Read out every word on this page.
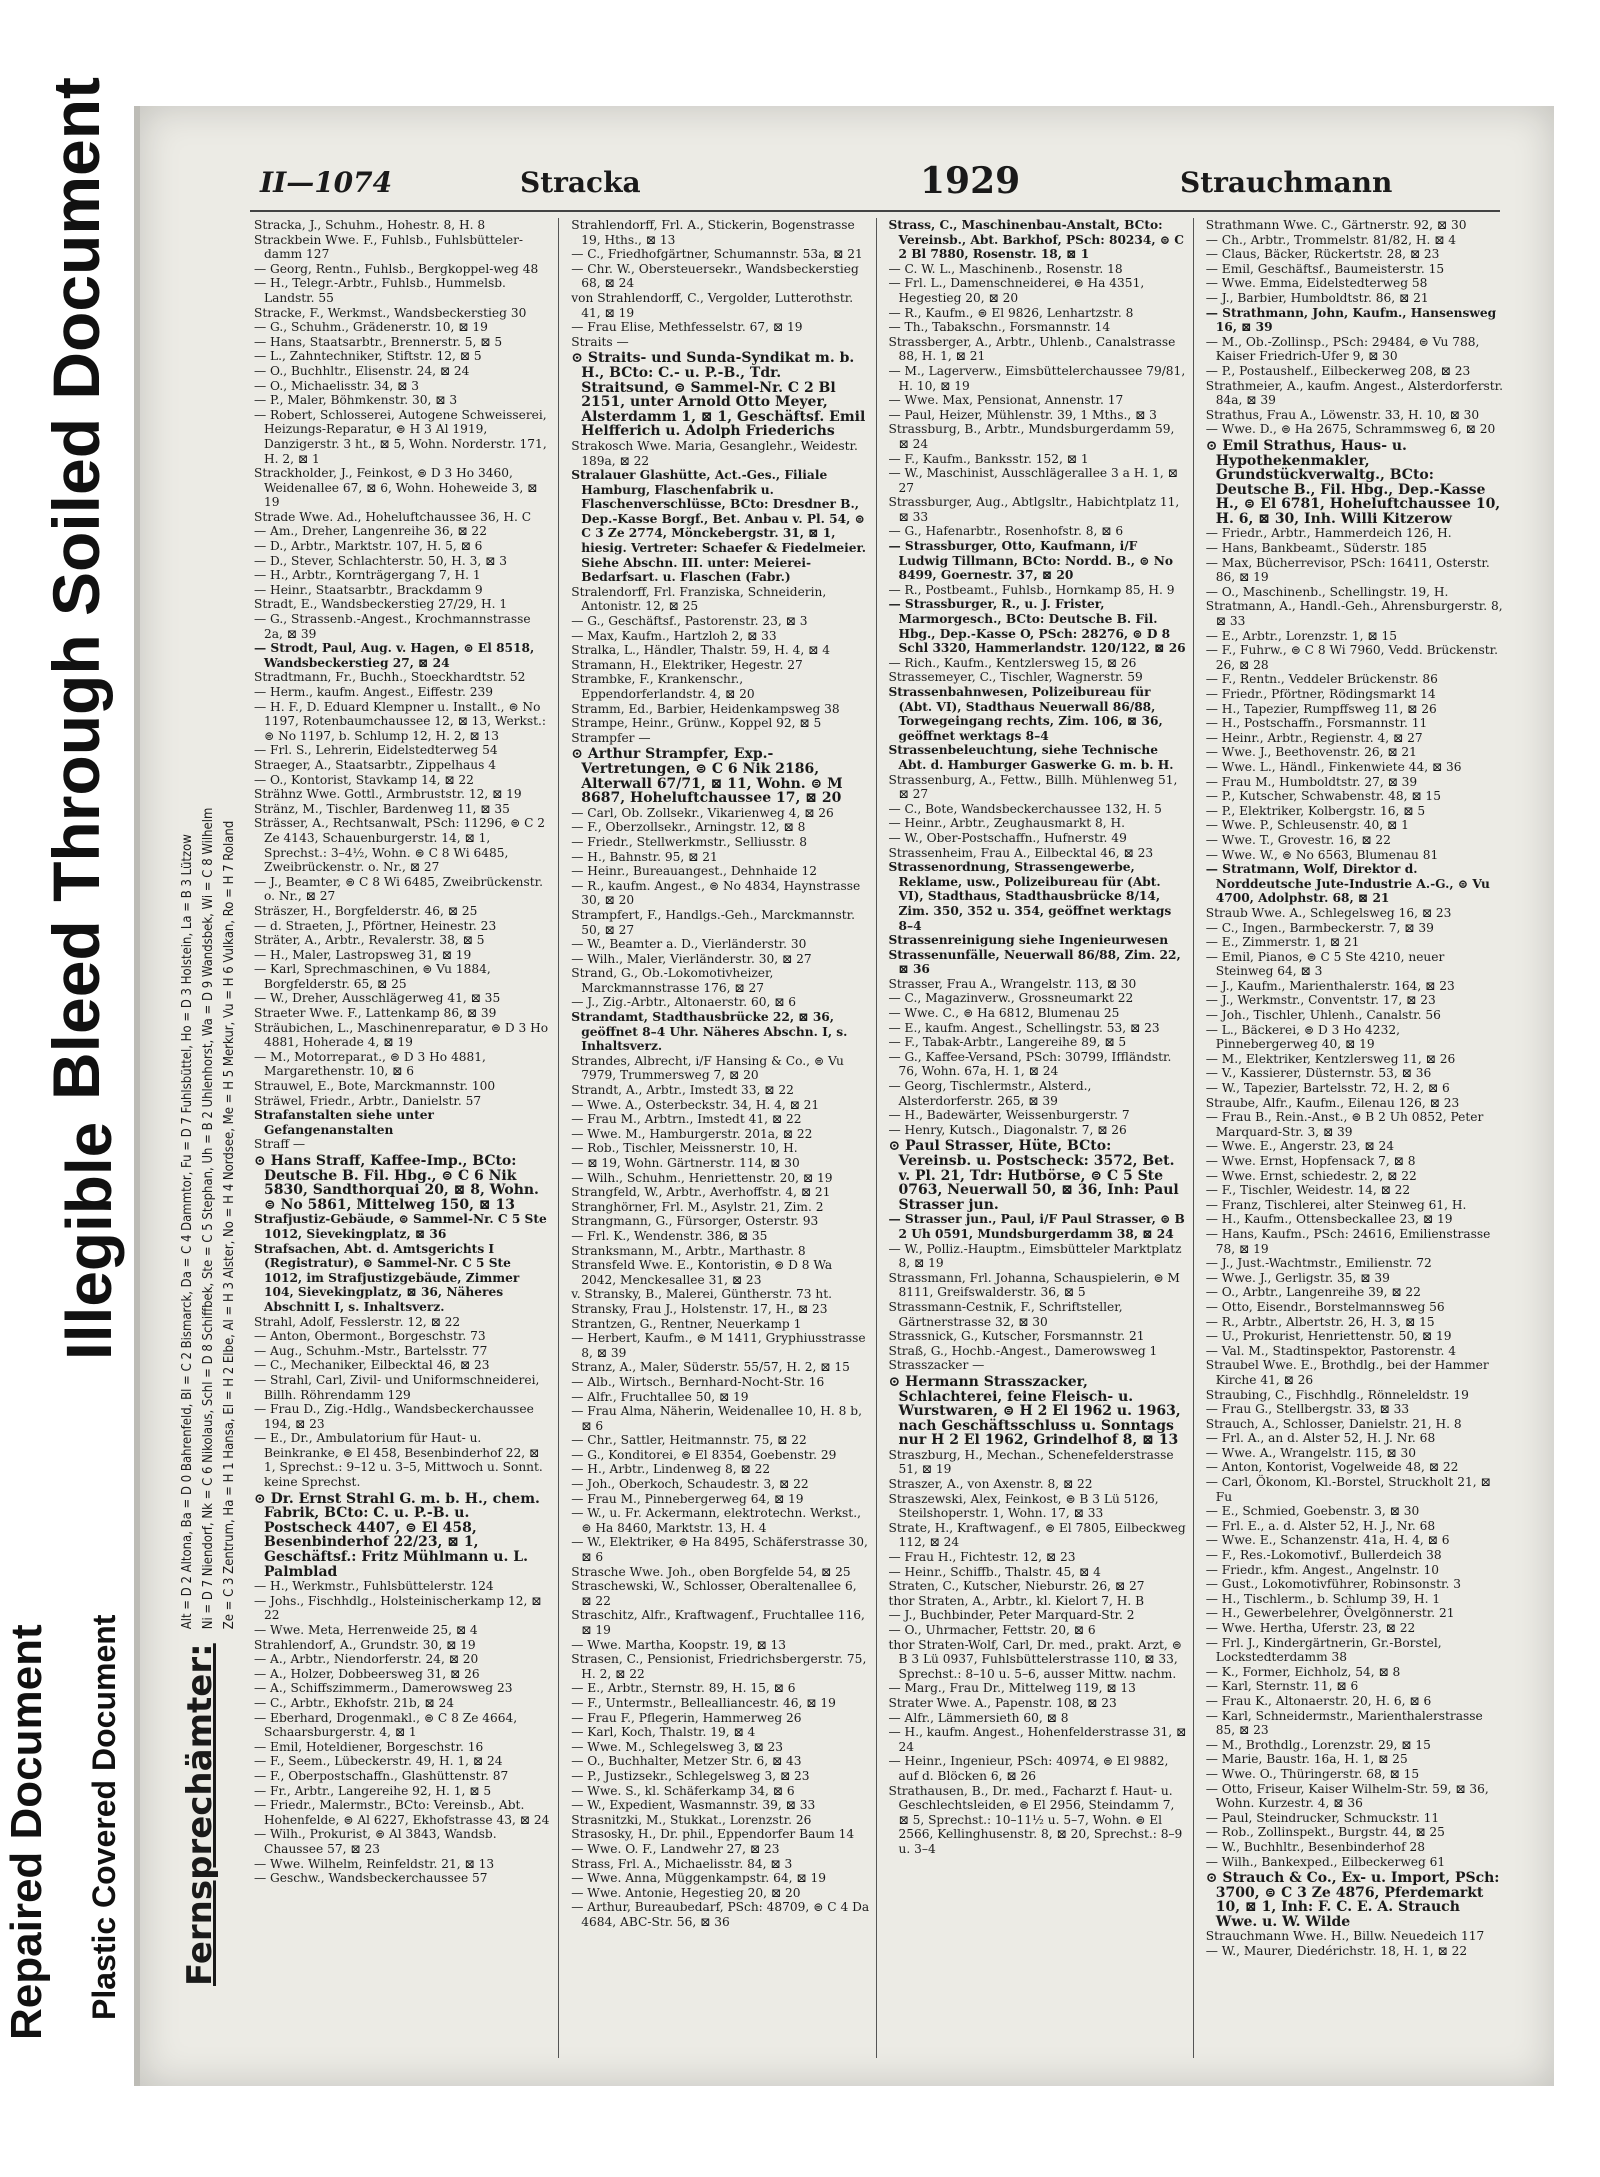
Repaired Document Plastic Covered Document
Illegible
Bleed Through Soiled Document	II—1074	Stracka	1929	Strauchmann
Fernsprechämter:
Alt = D 2 Altona, Ba = D 0 Bahrenfeld, Bl = C 2 Bismarck, Da = C 4 Dammtor, Fu = D 7 Fuhlsbüttel, Ho = D 3 Holstein, La = B 3 Lützow Ni = D 7 Niendorf, Nk = C 6 Nikolaus, Schl = D 8 Schiffbek, Ste = C 5 Stephan, Uh = B 2 Uhlenhorst, Wa = D 9 Wandsbek, Wi = C 8 Wilhelm Ze = C 3 Zentrum, Ha = H 1 Hansa, El = H 2 Elbe, Al = H 3 Alster, No = H 4 Nordsee, Me = H 5 Merkur, Vu = H 6 Vulkan, Ro = H 7 Roland

Stracka, J., Schuhm., Hohestr. 8, H. 8

Strackbein Wwe. F., Fuhlsb., Fuhlsbütteler-damm 127

— Georg, Rentn., Fuhlsb., Bergkoppel-weg 48

— H., Telegr.-Arbtr., Fuhlsb., Hummelsb. Landstr. 55

Stracke, F., Werkmst., Wandsbeckerstieg 30

— G., Schuhm., Grädenerstr. 10, ⊠ 19

— Hans, Staatsarbtr., Brennerstr. 5, ⊠ 5

— L., Zahntechniker, Stiftstr. 12, ⊠ 5

— O., Buchhltr., Elisenstr. 24, ⊠ 24

— O., Michaelisstr. 34, ⊠ 3

— P., Maler, Böhmkenstr. 30, ⊠ 3

— Robert, Schlosserei, Autogene Schweisserei, Heizungs-Reparatur, ⊜ H 3 Al 1919, Danzigerstr. 3 ht., ⊠ 5, Wohn. Norderstr. 171, H. 2, ⊠ 1

Strackholder, J., Feinkost, ⊜ D 3 Ho 3460, Weidenallee 67, ⊠ 6, Wohn. Hoheweide 3, ⊠ 19

Strade Wwe. Ad., Hoheluftchaussee 36, H. C

— Am., Dreher, Langenreihe 36, ⊠ 22

— D., Arbtr., Marktstr. 107, H. 5, ⊠ 6

— D., Stever, Schlachterstr. 50, H. 3, ⊠ 3

— H., Arbtr., Kornträgergang 7, H. 1

— Heinr., Staatsarbtr., Brackdamm 9

Stradt, E., Wandsbeckerstieg 27/29, H. 1

— G., Strassenb.-Angest., Krochmannstrasse 2a, ⊠ 39

— Strodt, Paul, Aug. v. Hagen, ⊜ El 8518, Wandsbeckerstieg 27, ⊠ 24

Stradtmann, Fr., Buchh., Stoeckhardtstr. 52

— Herm., kaufm. Angest., Eiffestr. 239

— H. F., D. Eduard Klempner u. Installt., ⊜ No 1197, Rotenbaumchaussee 12, ⊠ 13, Werkst.: ⊜ No 1197, b. Schlump 12, H. 2, ⊠ 13

— Frl. S., Lehrerin, Eidelstedterweg 54

Straeger, A., Staatsarbtr., Zippelhaus 4

— O., Kontorist, Stavkamp 14, ⊠ 22

Strähnz Wwe. Gottl., Armbruststr. 12, ⊠ 19

Stränz, M., Tischler, Bardenweg 11, ⊠ 35

Strässer, A., Rechtsanwalt, PSch: 11296, ⊜ C 2 Ze 4143, Schauenburgerstr. 14, ⊠ 1, Sprechst.: 3–4½, Wohn. ⊜ C 8 Wi 6485, Zweibrückenstr. o. Nr., ⊠ 27

— J., Beamter, ⊜ C 8 Wi 6485, Zweibrückenstr. o. Nr., ⊠ 27

Sträszer, H., Borgfelderstr. 46, ⊠ 25

— d. Straeten, J., Pförtner, Heinestr. 23

Sträter, A., Arbtr., Revalerstr. 38, ⊠ 5

— H., Maler, Lastropsweg 31, ⊠ 19

— Karl, Sprechmaschinen, ⊜ Vu 1884, Borgfelderstr. 65, ⊠ 25

— W., Dreher, Ausschlägerweg 41, ⊠ 35

Straeter Wwe. F., Lattenkamp 86, ⊠ 39

Sträubichen, L., Maschinenreparatur, ⊜ D 3 Ho 4881, Hoherade 4, ⊠ 19

— M., Motorreparat., ⊜ D 3 Ho 4881, Margarethenstr. 10, ⊠ 6

Strauwel, E., Bote, Marckmannstr. 100

Sträwel, Friedr., Arbtr., Danielstr. 57

Strafanstalten siehe unter Gefangenanstalten

Straff —

⊙ Hans Straff, Kaffee-Imp., BCto: Deutsche B. Fil. Hbg., ⊜ C 6 Nik 5830, Sandthorquai 20, ⊠ 8, Wohn. ⊜ No 5861, Mittelweg 150, ⊠ 13

Strafjustiz-Gebäude, ⊜ Sammel-Nr. C 5 Ste 1012, Sievekingplatz, ⊠ 36

Strafsachen, Abt. d. Amtsgerichts I (Registratur), ⊜ Sammel-Nr. C 5 Ste 1012, im Strafjustizgebäude, Zimmer 104, Sievekingplatz, ⊠ 36, Näheres Abschnitt I, s. Inhaltsverz.

Strahl, Adolf, Fesslerstr. 12, ⊠ 22

— Anton, Obermont., Borgeschstr. 73

— Aug., Schuhm.-Mstr., Bartelsstr. 77

— C., Mechaniker, Eilbecktal 46, ⊠ 23

— Strahl, Carl, Zivil- und Uniformschneiderei, Billh. Röhrendamm 129

— Frau D., Zig.-Hdlg., Wandsbeckerchaussee 194, ⊠ 23

— E., Dr., Ambulatorium für Haut- u. Beinkranke, ⊜ El 458, Besenbinderhof 22, ⊠ 1, Sprechst.: 9–12 u. 3–5, Mittwoch u. Sonnt. keine Sprechst.

⊙ Dr. Ernst Strahl G. m. b. H., chem. Fabrik, BCto: C. u. P.-B. u. Postscheck 4407, ⊜ El 458, Besenbinderhof 22/23, ⊠ 1, Geschäftsf.: Fritz Mühlmann u. L. Palmblad

— H., Werkmstr., Fuhlsbüttelerstr. 124

— Johs., Fischhdlg., Holsteinischerkamp 12, ⊠ 22

— Wwe. Meta, Herrenweide 25, ⊠ 4

Strahlendorf, A., Grundstr. 30, ⊠ 19

— A., Arbtr., Niendorferstr. 24, ⊠ 20

— A., Holzer, Dobbeersweg 31, ⊠ 26

— A., Schiffszimmerm., Damerowsweg 23

— C., Arbtr., Ekhofstr. 21b, ⊠ 24

— Eberhard, Drogenmakl., ⊜ C 8 Ze 4664, Schaarsburgerstr. 4, ⊠ 1

— Emil, Hoteldiener, Borgeschstr. 16

— F., Seem., Lübeckerstr. 49, H. 1, ⊠ 24

— F., Oberpostschaffn., Glashüttenstr. 87

— Fr., Arbtr., Langereihe 92, H. 1, ⊠ 5

— Friedr., Malermstr., BCto: Vereinsb., Abt. Hohenfelde, ⊜ Al 6227, Ekhofstrasse 43, ⊠ 24

— Wilh., Prokurist, ⊜ Al 3843, Wandsb. Chaussee 57, ⊠ 23

— Wwe. Wilhelm, Reinfeldstr. 21, ⊠ 13

— Geschw., Wandsbeckerchaussee 57

Strahlendorff, Frl. A., Stickerin, Bogenstrasse 19, Hths., ⊠ 13

— C., Friedhofgärtner, Schumannstr. 53a, ⊠ 21

— Chr. W., Obersteuersekr., Wandsbeckerstieg 68, ⊠ 24

von Strahlendorff, C., Vergolder, Lutterothstr. 41, ⊠ 19

— Frau Elise, Methfesselstr. 67, ⊠ 19

Straits —

⊙ Straits- und Sunda-Syndikat m. b. H., BCto: C.- u. P.-B., Tdr. Straitsund, ⊜ Sammel-Nr. C 2 Bl 2151, unter Arnold Otto Meyer, Alsterdamm 1, ⊠ 1, Geschäftsf. Emil Helfferich u. Adolph Friederichs

Strakosch Wwe. Maria, Gesanglehr., Weidestr. 189a, ⊠ 22

Stralauer Glashütte, Act.-Ges., Filiale Hamburg, Flaschenfabrik u. Flaschenverschlüsse, BCto: Dresdner B., Dep.-Kasse Borgf., Bet. Anbau v. Pl. 54, ⊜ C 3 Ze 2774, Mönckebergstr. 31, ⊠ 1, hiesig. Vertreter: Schaefer & Fiedelmeier. Siehe Abschn. III. unter: Meierei-Bedarfsart. u. Flaschen (Fabr.)

Stralendorff, Frl. Franziska, Schneiderin, Antonistr. 12, ⊠ 25

— G., Geschäftsf., Pastorenstr. 23, ⊠ 3

— Max, Kaufm., Hartzloh 2, ⊠ 33

Stralka, L., Händler, Thalstr. 59, H. 4, ⊠ 4

Stramann, H., Elektriker, Hegestr. 27

Strambke, F., Krankenschr., Eppendorferlandstr. 4, ⊠ 20

Stramm, Ed., Barbier, Heidenkampsweg 38

Strampe, Heinr., Grünw., Koppel 92, ⊠ 5

Strampfer —

⊙ Arthur Strampfer, Exp.-Vertretungen, ⊜ C 6 Nik 2186, Alterwall 67/71, ⊠ 11, Wohn. ⊜ M 8687, Hoheluftchaussee 17, ⊠ 20

— Carl, Ob. Zollsekr., Vikarienweg 4, ⊠ 26

— F., Oberzollsekr., Arningstr. 12, ⊠ 8

— Friedr., Stellwerkmstr., Selliusstr. 8

— H., Bahnstr. 95, ⊠ 21

— Heinr., Bureauangest., Dehnhaide 12

— R., kaufm. Angest., ⊜ No 4834, Haynstrasse 30, ⊠ 20

Strampfert, F., Handlgs.-Geh., Marckmannstr. 50, ⊠ 27

— W., Beamter a. D., Vierländerstr. 30

— Wilh., Maler, Vierländerstr. 30, ⊠ 27

Strand, G., Ob.-Lokomotivheizer, Marckmannstrasse 176, ⊠ 27

— J., Zig.-Arbtr., Altonaerstr. 60, ⊠ 6

Strandamt, Stadthausbrücke 22, ⊠ 36, geöffnet 8–4 Uhr. Näheres Abschn. I, s. Inhaltsverz.

Strandes, Albrecht, i/F Hansing & Co., ⊜ Vu 7979, Trummersweg 7, ⊠ 20

Strandt, A., Arbtr., Imstedt 33, ⊠ 22

— Wwe. A., Osterbeckstr. 34, H. 4, ⊠ 21

— Frau M., Arbtrn., Imstedt 41, ⊠ 22

— Wwe. M., Hamburgerstr. 201a, ⊠ 22

— Rob., Tischler, Meissnerstr. 10, H.

— ⊠ 19, Wohn. Gärtnerstr. 114, ⊠ 30

— Wilh., Schuhm., Henriettenstr. 20, ⊠ 19

Strangfeld, W., Arbtr., Averhoffstr. 4, ⊠ 21

Stranghörner, Frl. M., Asylstr. 21, Zim. 2

Strangmann, G., Fürsorger, Osterstr. 93

— Frl. K., Wendenstr. 386, ⊠ 35

Stranksmann, M., Arbtr., Marthastr. 8

Stransfeld Wwe. E., Kontoristin, ⊜ D 8 Wa 2042, Menckesallee 31, ⊠ 23

v. Stransky, B., Malerei, Güntherstr. 73 ht.

Stransky, Frau J., Holstenstr. 17, H., ⊠ 23

Strantzen, G., Rentner, Neuerkamp 1

— Herbert, Kaufm., ⊜ M 1411, Gryphiusstrasse 8, ⊠ 39

Stranz, A., Maler, Süderstr. 55/57, H. 2, ⊠ 15

— Alb., Wirtsch., Bernhard-Nocht-Str. 16

— Alfr., Fruchtallee 50, ⊠ 19

— Frau Alma, Näherin, Weidenallee 10, H. 8 b, ⊠ 6

— Chr., Sattler, Heitmannstr. 75, ⊠ 22

— G., Konditorei, ⊜ El 8354, Goebenstr. 29

— H., Arbtr., Lindenweg 8, ⊠ 22

— Joh., Oberkoch, Schaudestr. 3, ⊠ 22

— Frau M., Pinnebergerweg 64, ⊠ 19

— W., u. Fr. Ackermann, elektrotechn. Werkst., ⊜ Ha 8460, Marktstr. 13, H. 4

— W., Elektriker, ⊜ Ha 8495, Schäferstrasse 30, ⊠ 6

Strasche Wwe. Joh., oben Borgfelde 54, ⊠ 25

Straschewski, W., Schlosser, Oberaltenallee 6, ⊠ 22

Straschitz, Alfr., Kraftwagenf., Fruchtallee 116, ⊠ 19

— Wwe. Martha, Koopstr. 19, ⊠ 13

Strasen, C., Pensionist, Friedrichsbergerstr. 75, H. 2, ⊠ 22

— E., Arbtr., Sternstr. 89, H. 15, ⊠ 6

— F., Untermstr., Bellealliancestr. 46, ⊠ 19

— Frau F., Pflegerin, Hammerweg 26

— Karl, Koch, Thalstr. 19, ⊠ 4

— Wwe. M., Schlegelsweg 3, ⊠ 23

— O., Buchhalter, Metzer Str. 6, ⊠ 43

— P., Justizsekr., Schlegelsweg 3, ⊠ 23

— Wwe. S., kl. Schäferkamp 34, ⊠ 6

— W., Expedient, Wasmannstr. 39, ⊠ 33

Strasnitzki, M., Stukkat., Lorenzstr. 26

Strasosky, H., Dr. phil., Eppendorfer Baum 14

— Wwe. O. F., Landwehr 27, ⊠ 23

Strass, Frl. A., Michaelisstr. 84, ⊠ 3

— Wwe. Anna, Müggenkampstr. 64, ⊠ 19

— Wwe. Antonie, Hegestieg 20, ⊠ 20

— Arthur, Bureaubedarf, PSch: 48709, ⊜ C 4 Da 4684, ABC-Str. 56, ⊠ 36

Strass, C., Maschinenbau-Anstalt, BCto: Vereinsb., Abt. Barkhof, PSch: 80234, ⊜ C 2 Bl 7880, Rosenstr. 18, ⊠ 1

— C. W. L., Maschinenb., Rosenstr. 18

— Frl. L., Damenschneiderei, ⊜ Ha 4351, Hegestieg 20, ⊠ 20

— R., Kaufm., ⊜ El 9826, Lenhartzstr. 8

— Th., Tabakschn., Forsmannstr. 14

Strassberger, A., Arbtr., Uhlenb., Canalstrasse 88, H. 1, ⊠ 21

— M., Lagerverw., Eimsbüttelerchaussee 79/81, H. 10, ⊠ 19

— Wwe. Max, Pensionat, Annenstr. 17

— Paul, Heizer, Mühlenstr. 39, 1 Mths., ⊠ 3

Strassburg, B., Arbtr., Mundsburgerdamm 59, ⊠ 24

— F., Kaufm., Banksstr. 152, ⊠ 1

— W., Maschinist, Ausschlägerallee 3 a H. 1, ⊠ 27

Strassburger, Aug., Abtlgsltr., Habichtplatz 11, ⊠ 33

— G., Hafenarbtr., Rosenhofstr. 8, ⊠ 6

— Strassburger, Otto, Kaufmann, i/F Ludwig Tillmann, BCto: Nordd. B., ⊜ No 8499, Goernestr. 37, ⊠ 20

— R., Postbeamt., Fuhlsb., Hornkamp 85, H. 9

— Strassburger, R., u. J. Frister, Marmorgesch., BCto: Deutsche B. Fil. Hbg., Dep.-Kasse O, PSch: 28276, ⊜ D 8 Schl 3320, Hammerlandstr. 120/122, ⊠ 26

— Rich., Kaufm., Kentzlersweg 15, ⊠ 26

Strassemeyer, C., Tischler, Wagnerstr. 59

Strassenbahnwesen, Polizeibureau für (Abt. VI), Stadthaus Neuerwall 86/88, Torwegeingang rechts, Zim. 106, ⊠ 36, geöffnet werktags 8–4

Strassenbeleuchtung, siehe Technische Abt. d. Hamburger Gaswerke G. m. b. H.

Strassenburg, A., Fettw., Billh. Mühlenweg 51, ⊠ 27

— C., Bote, Wandsbeckerchaussee 132, H. 5

— Heinr., Arbtr., Zeughausmarkt 8, H.

— W., Ober-Postschaffn., Hufnerstr. 49

Strassenheim, Frau A., Eilbecktal 46, ⊠ 23

Strassenordnung, Strassengewerbe, Reklame, usw., Polizeibureau für (Abt. VI), Stadthaus, Stadthausbrücke 8/14, Zim. 350, 352 u. 354, geöffnet werktags 8–4

Strassenreinigung siehe Ingenieurwesen

Strassenunfälle, Neuerwall 86/88, Zim. 22, ⊠ 36

Strasser, Frau A., Wrangelstr. 113, ⊠ 30

— C., Magazinverw., Grossneumarkt 22

— Wwe. C., ⊜ Ha 6812, Blumenau 25

— E., kaufm. Angest., Schellingstr. 53, ⊠ 23

— F., Tabak-Arbtr., Langereihe 89, ⊠ 5

— G., Kaffee-Versand, PSch: 30799, Iffländstr. 76, Wohn. 67a, H. 1, ⊠ 24

— Georg, Tischlermstr., Alsterd., Alsterdorferstr. 265, ⊠ 39

— H., Badewärter, Weissenburgerstr. 7

— Henry, Kutsch., Diagonalstr. 7, ⊠ 26

⊙ Paul Strasser, Hüte, BCto: Vereinsb. u. Postscheck: 3572, Bet. v. Pl. 21, Tdr: Hutbörse, ⊜ C 5 Ste 0763, Neuerwall 50, ⊠ 36, Inh: Paul Strasser jun.

— Strasser jun., Paul, i/F Paul Strasser, ⊜ B 2 Uh 0591, Mundsburgerdamm 38, ⊠ 24

— W., Polliz.-Hauptm., Eimsbütteler Marktplatz 8, ⊠ 19

Strassmann, Frl. Johanna, Schauspielerin, ⊜ M 8111, Greifswalderstr. 36, ⊠ 5

Strassmann-Cestnik, F., Schriftsteller, Gärtnerstrasse 32, ⊠ 30

Strassnick, G., Kutscher, Forsmannstr. 21

Straß, G., Hochb.-Angest., Damerowsweg 1

Strasszacker —

⊙ Hermann Strasszacker, Schlachterei, feine Fleisch- u. Wurstwaren, ⊜ H 2 El 1962 u. 1963, nach Geschäftsschluss u. Sonntags nur H 2 El 1962, Grindelhof 8, ⊠ 13

Straszburg, H., Mechan., Schenefelderstrasse 51, ⊠ 19

Straszer, A., von Axenstr. 8, ⊠ 22

Straszewski, Alex, Feinkost, ⊜ B 3 Lü 5126, Steilshoperstr. 1, Wohn. 17, ⊠ 33

Strate, H., Kraftwagenf., ⊜ El 7805, Eilbeckweg 112, ⊠ 24

— Frau H., Fichtestr. 12, ⊠ 23

— Heinr., Schiffb., Thalstr. 45, ⊠ 4

Straten, C., Kutscher, Nieburstr. 26, ⊠ 27

thor Straten, A., Arbtr., kl. Kielort 7, H. B

— J., Buchbinder, Peter Marquard-Str. 2

— O., Uhrmacher, Fettstr. 20, ⊠ 6

thor Straten-Wolf, Carl, Dr. med., prakt. Arzt, ⊜ B 3 Lü 0937, Fuhlsbüttelerstrasse 110, ⊠ 33, Sprechst.: 8–10 u. 5–6, ausser Mittw. nachm.

— Marg., Frau Dr., Mittelweg 119, ⊠ 13

Strater Wwe. A., Papenstr. 108, ⊠ 23

— Alfr., Lämmersieth 60, ⊠ 8

— H., kaufm. Angest., Hohenfelderstrasse 31, ⊠ 24

— Heinr., Ingenieur, PSch: 40974, ⊜ El 9882, auf d. Blöcken 6, ⊠ 26

Strathausen, B., Dr. med., Facharzt f. Haut- u. Geschlechtsleiden, ⊜ El 2956, Steindamm 7, ⊠ 5, Sprechst.: 10–11½ u. 5–7, Wohn. ⊜ El 2566, Kellinghusenstr. 8, ⊠ 20, Sprechst.: 8–9 u. 3–4

Strathmann Wwe. C., Gärtnerstr. 92, ⊠ 30

— Ch., Arbtr., Trommelstr. 81/82, H. ⊠ 4

— Claus, Bäcker, Rückertstr. 28, ⊠ 23

— Emil, Geschäftsf., Baumeisterstr. 15

— Wwe. Emma, Eidelstedterweg 58

— J., Barbier, Humboldtstr. 86, ⊠ 21

— Strathmann, John, Kaufm., Hansensweg 16, ⊠ 39

— M., Ob.-Zollinsp., PSch: 29484, ⊜ Vu 788, Kaiser Friedrich-Ufer 9, ⊠ 30

— P., Postaushelf., Eilbeckerweg 208, ⊠ 23

Strathmeier, A., kaufm. Angest., Alsterdorferstr. 84a, ⊠ 39

Strathus, Frau A., Löwenstr. 33, H. 10, ⊠ 30

— Wwe. D., ⊜ Ha 2675, Schrammsweg 6, ⊠ 20

⊙ Emil Strathus, Haus- u. Hypothekenmakler, Grundstückverwaltg., BCto: Deutsche B., Fil. Hbg., Dep.-Kasse H., ⊜ El 6781, Hoheluftchaussee 10, H. 6, ⊠ 30, Inh. Willi Kitzerow

— Friedr., Arbtr., Hammerdeich 126, H.

— Hans, Bankbeamt., Süderstr. 185

— Max, Bücherrevisor, PSch: 16411, Osterstr. 86, ⊠ 19

— O., Maschinenb., Schellingstr. 19, H.

Stratmann, A., Handl.-Geh., Ahrensburgerstr. 8, ⊠ 33

— E., Arbtr., Lorenzstr. 1, ⊠ 15

— F., Fuhrw., ⊜ C 8 Wi 7960, Vedd. Brückenstr. 26, ⊠ 28

— F., Rentn., Veddeler Brückenstr. 86

— Friedr., Pförtner, Rödingsmarkt 14

— H., Tapezier, Rumpffsweg 11, ⊠ 26

— H., Postschaffn., Forsmannstr. 11

— Heinr., Arbtr., Regienstr. 4, ⊠ 27

— Wwe. J., Beethovenstr. 26, ⊠ 21

— Wwe. L., Händl., Finkenwiete 44, ⊠ 36

— Frau M., Humboldtstr. 27, ⊠ 39

— P., Kutscher, Schwabenstr. 48, ⊠ 15

— P., Elektriker, Kolbergstr. 16, ⊠ 5

— Wwe. P., Schleusenstr. 40, ⊠ 1

— Wwe. T., Grovestr. 16, ⊠ 22

— Wwe. W., ⊜ No 6563, Blumenau 81

— Stratmann, Wolf, Direktor d. Norddeutsche Jute-Industrie A.-G., ⊜ Vu 4700, Adolphstr. 68, ⊠ 21

Straub Wwe. A., Schlegelsweg 16, ⊠ 23

— C., Ingen., Barmbeckerstr. 7, ⊠ 39

— E., Zimmerstr. 1, ⊠ 21

— Emil, Pianos, ⊜ C 5 Ste 4210, neuer Steinweg 64, ⊠ 3

— J., Kaufm., Marienthalerstr. 164, ⊠ 23

— J., Werkmstr., Conventstr. 17, ⊠ 23

— Joh., Tischler, Uhlenh., Canalstr. 56

— L., Bäckerei, ⊜ D 3 Ho 4232, Pinnebergerweg 40, ⊠ 19

— M., Elektriker, Kentzlersweg 11, ⊠ 26

— V., Kassierer, Düsternstr. 53, ⊠ 36

— W., Tapezier, Bartelsstr. 72, H. 2, ⊠ 6

Straube, Alfr., Kaufm., Eilenau 126, ⊠ 23

— Frau B., Rein.-Anst., ⊜ B 2 Uh 0852, Peter Marquard-Str. 3, ⊠ 39

— Wwe. E., Angerstr. 23, ⊠ 24

— Wwe. Ernst, Hopfensack 7, ⊠ 8

— Wwe. Ernst, schiedestr. 2, ⊠ 22

— F., Tischler, Weidestr. 14, ⊠ 22

— Franz, Tischlerei, alter Steinweg 61, H.

— H., Kaufm., Ottensbeckallee 23, ⊠ 19

— Hans, Kaufm., PSch: 24616, Emilienstrasse 78, ⊠ 19

— J., Just.-Wachtmstr., Emilienstr. 72

— Wwe. J., Gerligstr. 35, ⊠ 39

— O., Arbtr., Langenreihe 39, ⊠ 22

— Otto, Eisendr., Borstelmannsweg 56

— R., Arbtr., Albertstr. 26, H. 3, ⊠ 15

— U., Prokurist, Henriettenstr. 50, ⊠ 19

— Val. M., Stadtinspektor, Pastorenstr. 4

Straubel Wwe. E., Brothdlg., bei der Hammer Kirche 41, ⊠ 26

Straubing, C., Fischhdlg., Rönneleldstr. 19

— Frau G., Stellbergstr. 33, ⊠ 33

Strauch, A., Schlosser, Danielstr. 21, H. 8

— Frl. A., an d. Alster 52, H. J. Nr. 68

— Wwe. A., Wrangelstr. 115, ⊠ 30

— Anton, Kontorist, Vogelweide 48, ⊠ 22

— Carl, Ökonom, Kl.-Borstel, Struckholt 21, ⊠ Fu

— E., Schmied, Goebenstr. 3, ⊠ 30

— Frl. E., a. d. Alster 52, H. J., Nr. 68

— Wwe. E., Schanzenstr. 41a, H. 4, ⊠ 6

— F., Res.-Lokomotivf., Bullerdeich 38

— Friedr., kfm. Angest., Angelnstr. 10

— Gust., Lokomotivführer, Robinsonstr. 3

— H., Tischlerm., b. Schlump 39, H. 1

— H., Gewerbelehrer, Övelgönnerstr. 21

— Wwe. Hertha, Uferstr. 23, ⊠ 22

— Frl. J., Kindergärtnerin, Gr.-Borstel, Lockstedterdamm 38

— K., Former, Eichholz, 54, ⊠ 8

— Karl, Sternstr. 11, ⊠ 6

— Frau K., Altonaerstr. 20, H. 6, ⊠ 6

— Karl, Schneidermstr., Marienthalerstrasse 85, ⊠ 23

— M., Brothdlg., Lorenzstr. 29, ⊠ 15

— Marie, Baustr. 16a, H. 1, ⊠ 25

— Wwe. O., Thüringerstr. 68, ⊠ 15

— Otto, Friseur, Kaiser Wilhelm-Str. 59, ⊠ 36, Wohn. Kurzestr. 4, ⊠ 36

— Paul, Steindrucker, Schmuckstr. 11

— Rob., Zollinspekt., Burgstr. 44, ⊠ 25

— W., Buchhltr., Besenbinderhof 28

— Wilh., Bankexped., Eilbeckerweg 61

⊙ Strauch & Co., Ex- u. Import, PSch: 3700, ⊜ C 3 Ze 4876, Pferdemarkt 10, ⊠ 1, Inh: F. C. E. A. Strauch Wwe. u. W. Wilde

Strauchmann Wwe. H., Billw. Neuedeich 117

— W., Maurer, Diedérichstr. 18, H. 1, ⊠ 22
